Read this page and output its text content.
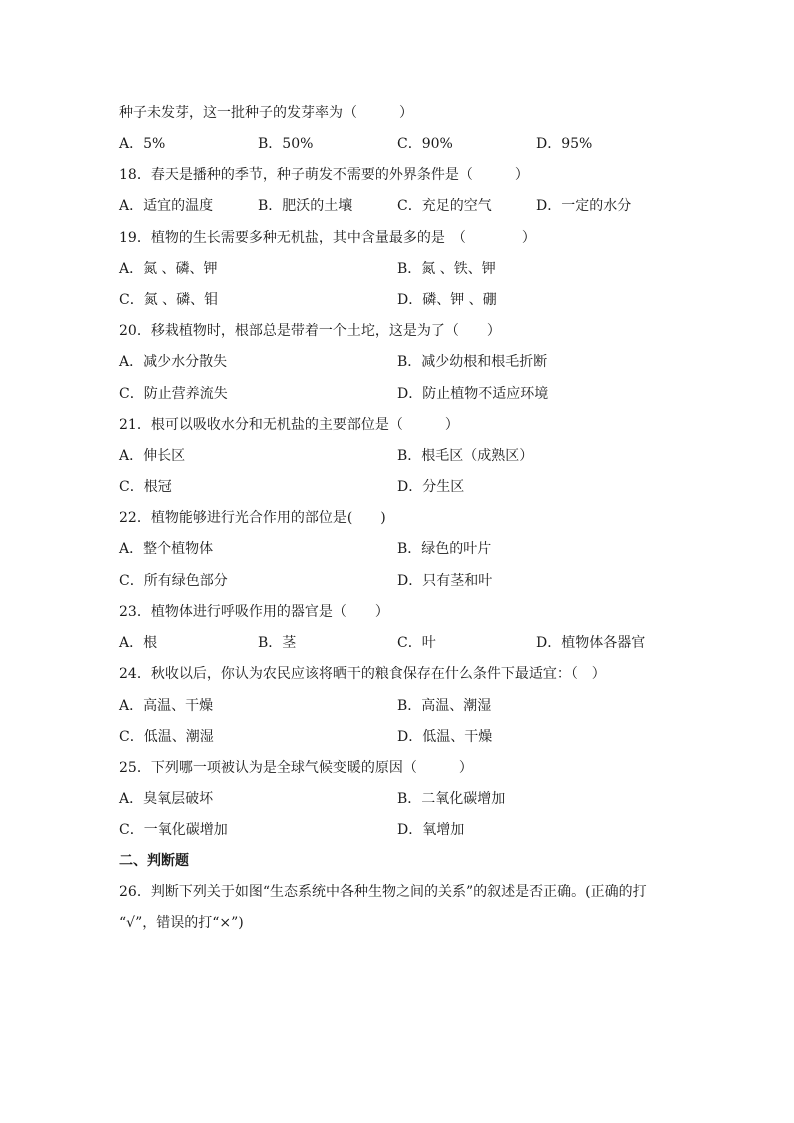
种子未发芽，这一批种子的发芽率为（　　　）
A．5%	B．50%	C．90%	D．95%
18．春天是播种的季节，种子萌发不需要的外界条件是（　　　）
A．适宜的温度	B．肥沃的土壤	C．充足的空气	D．一定的水分
19．植物的生长需要多种无机盐，其中含量最多的是　（　　　　）
A．氮 、磷、钾	B．氮 、铁、钾
C．氮 、磷、钼	D．磷、钾 、硼
20．移栽植物时，根部总是带着一个土坨，这是为了（　　）
A．减少水分散失	B．减少幼根和根毛折断
C．防止营养流失	D．防止植物不适应环境
21．根可以吸收水分和无机盐的主要部位是（　　　）
A．伸长区	B．根毛区（成熟区）
C．根冠	D．分生区
22．植物能够进行光合作用的部位是(　　)
A．整个植物体	B．绿色的叶片
C．所有绿色部分	D．只有茎和叶
23．植物体进行呼吸作用的器官是（　　）
A．根	B．茎	C．叶	D．植物体各器官
24．秋收以后，你认为农民应该将晒干的粮食保存在什么条件下最适宜：（　）
A．高温、干燥	B．高温、潮湿
C．低温、潮湿	D．低温、干燥
25．下列哪一项被认为是全球气候变暖的原因（　　　）
A．臭氧层破坏	B．二氧化碳增加
C．一氧化碳增加	D．氧增加
二、判断题
26．判断下列关于如图“生态系统中各种生物之间的关系”的叙述是否正确。(正确的打
“√”，错误的打“×”)
